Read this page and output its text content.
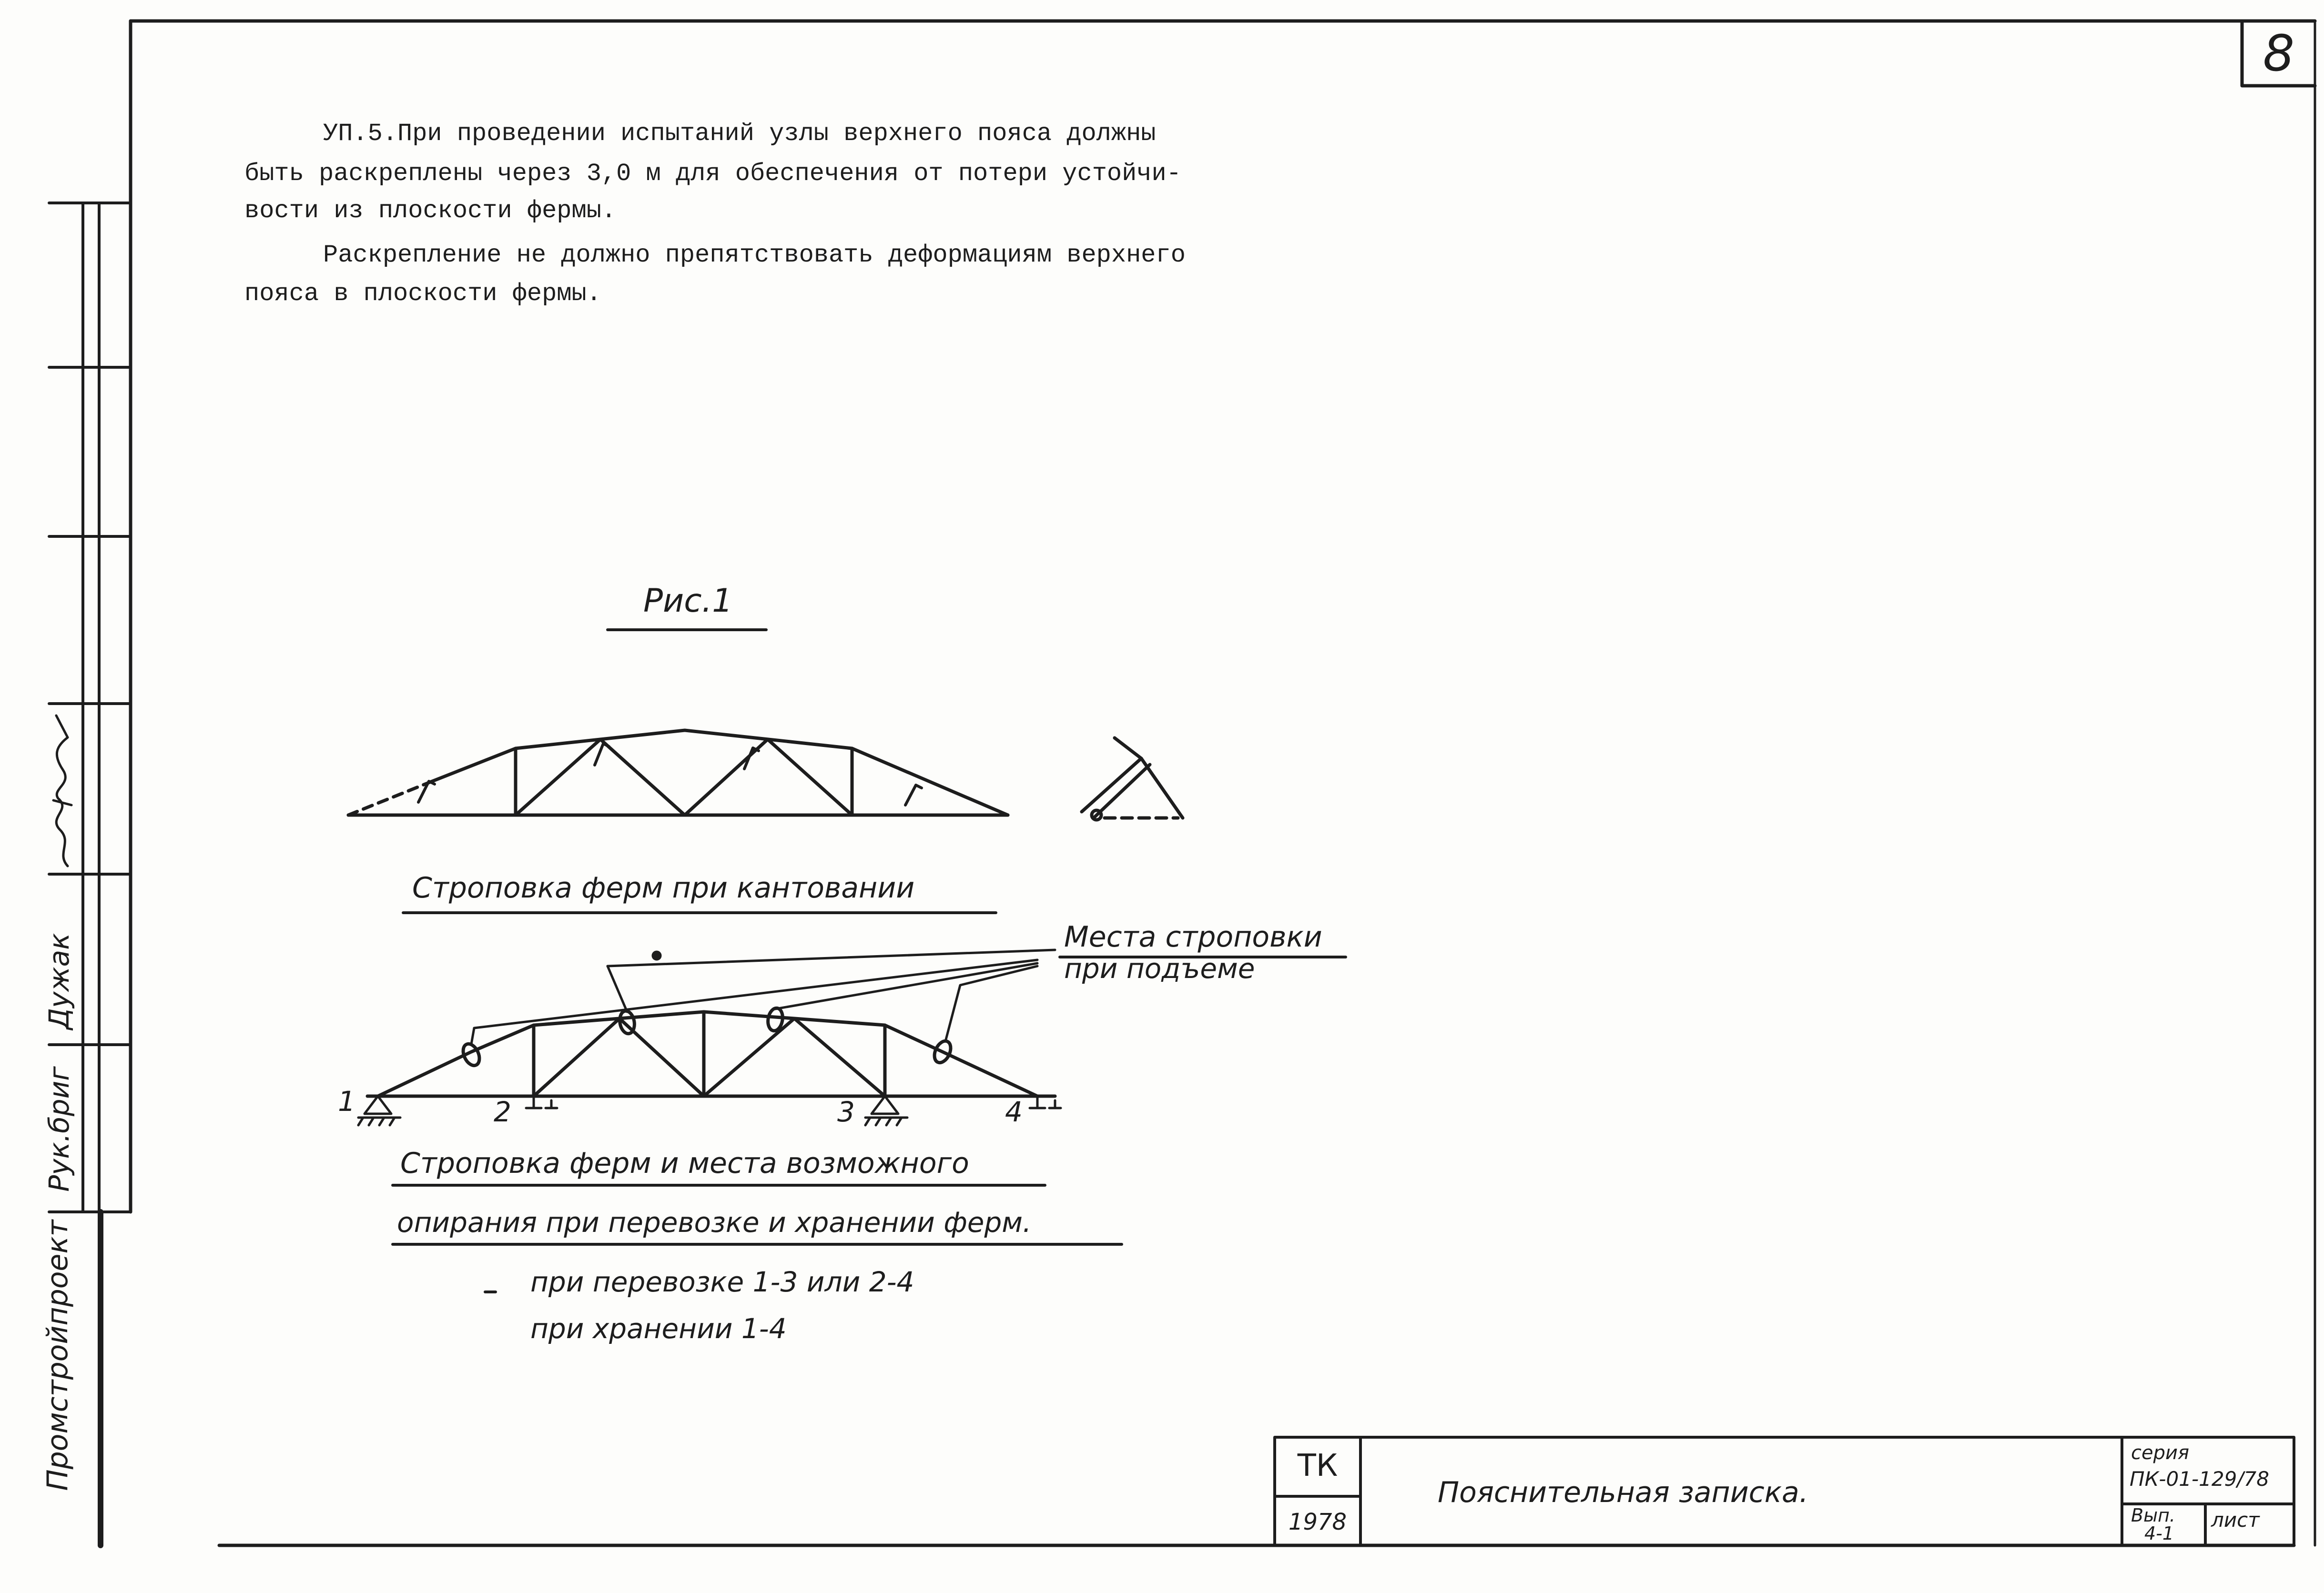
8
УП.5.При проведении испытаний узлы верхнего пояса должны
быть раскреплены через 3,0 м для обеспечения от потери устойчи-
вости из плоскости фермы.
Раскрепление не должно препятствовать деформациям верхнего
пояса в плоскости фермы.
Рис.1
Строповка ферм при кантовании
Места строповки
при подъеме
1	2	3	4
Строповка ферм и места возможного
опирания при перевозке и хранении ферм.
при перевозке 1-3 или 2-4
при хранении 1-4
Промстройпроект
Рук.бриг
Дужак
ТК
1978
Пояснительная записка.
серия
ПК-01-129/78
Вып.
4-1
лист
